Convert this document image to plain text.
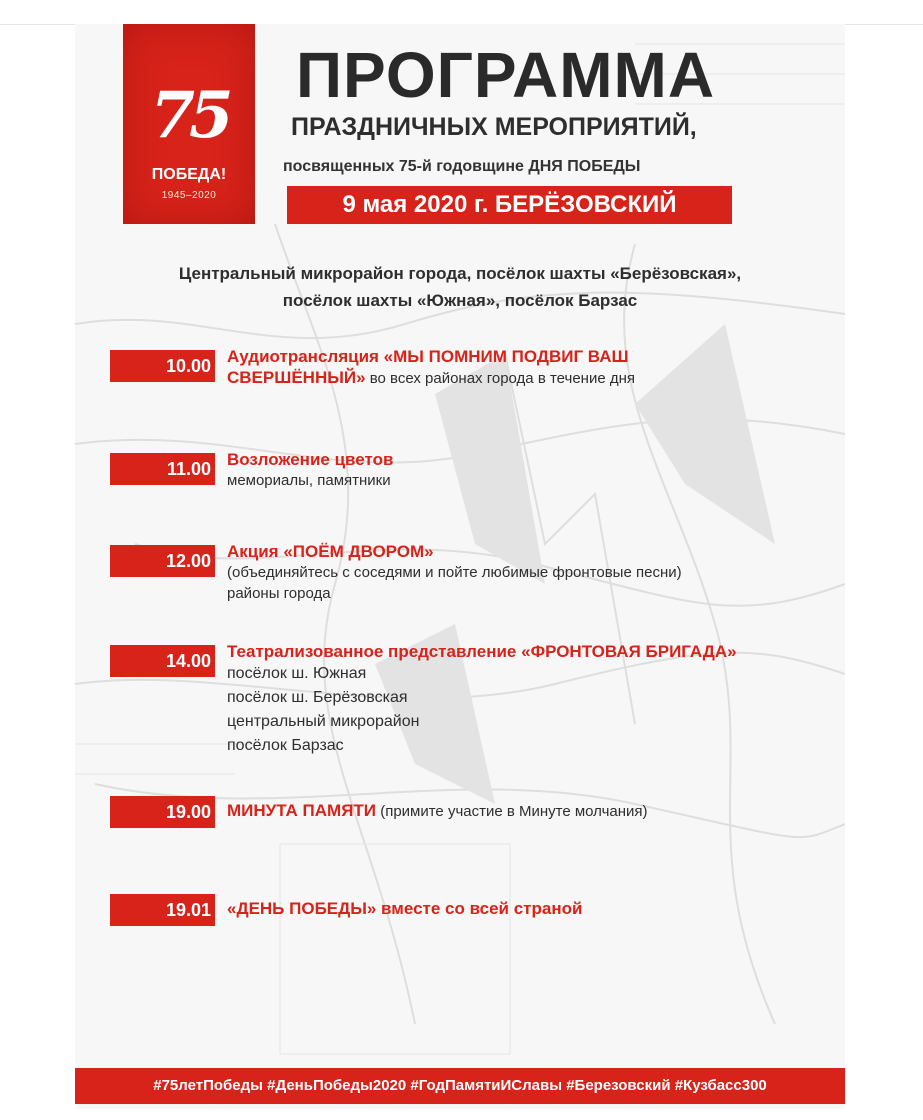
75
ПОБЕДА!
1945–2020
ПРОГРАММА
ПРАЗДНИЧНЫХ МЕРОПРИЯТИЙ,
посвященных 75-й годовщине ДНЯ ПОБЕДЫ
9 мая 2020 г. БЕРЁЗОВСКИЙ
Центральный микрорайон города, посёлок шахты «Берёзовская»,
посёлок шахты «Южная», посёлок Барзас
10.00 Аудиотрансляция «МЫ ПОМНИМ ПОДВИГ ВАШ
СВЕРШЁННЫЙ» во всех районах города в течение дня
11.00 Возложение цветов
мемориалы, памятники
12.00 Акция «ПОЁМ ДВОРОМ»
(объединяйтесь с соседями и пойте любимые фронтовые песни)
районы города
14.00 Театрализованное представление «ФРОНТОВАЯ БРИГАДА»
посёлок ш. Южная
посёлок ш. Берёзовская
центральный микрорайон
посёлок Барзас
19.00 МИНУТА ПАМЯТИ (примите участие в Минуте молчания)
19.01 «ДЕНЬ ПОБЕДЫ» вместе со всей страной
#75летПобеды #ДеньПобеды2020 #ГодПамятиИСлавы #Березовский #Кузбасс300
